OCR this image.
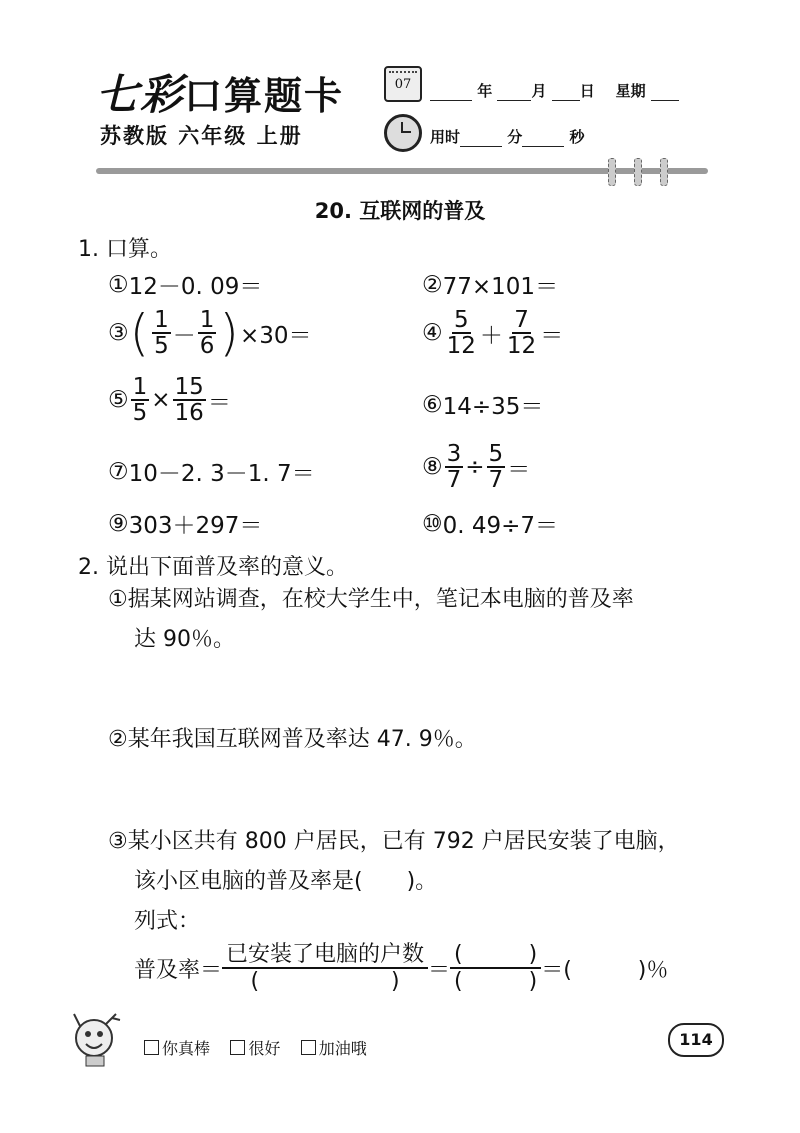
七彩口算题卡
苏教版 六年级 上册
07	年	月 日 星期
用时	分	秒
20. 互联网的普及
1. 口算。
① 12－0. 09＝	② 77×101＝
③ ( $\frac{1}{5} - \frac{1}{6}$ ) ×30＝	④ $\frac{5}{12} + \frac{7}{12}$ ＝
⑤ $\frac{1}{5} \times \frac{15}{16}$ ＝	⑥ 14÷35＝
⑦ 10－2. 3－1. 7＝	⑧ $\frac{3}{7} \div \frac{5}{7}$ ＝
⑨ 303＋297＝	⑩ 0. 49÷7＝
2. 说出下面普及率的意义。
①据某网站调查，在校大学生中，笔记本电脑的普及率
达 90％。
②某年我国互联网普及率达 47. 9％。
③某小区共有 800 户居民，已有 792 户居民安装了电脑，
该小区电脑的普及率是(　　)。
列式：
普及率＝
已安装了电脑的户数
(　　　　　　) ＝
(　　　)
(　　　) ＝(　　　)％
你真棒 很好 加油哦	114
